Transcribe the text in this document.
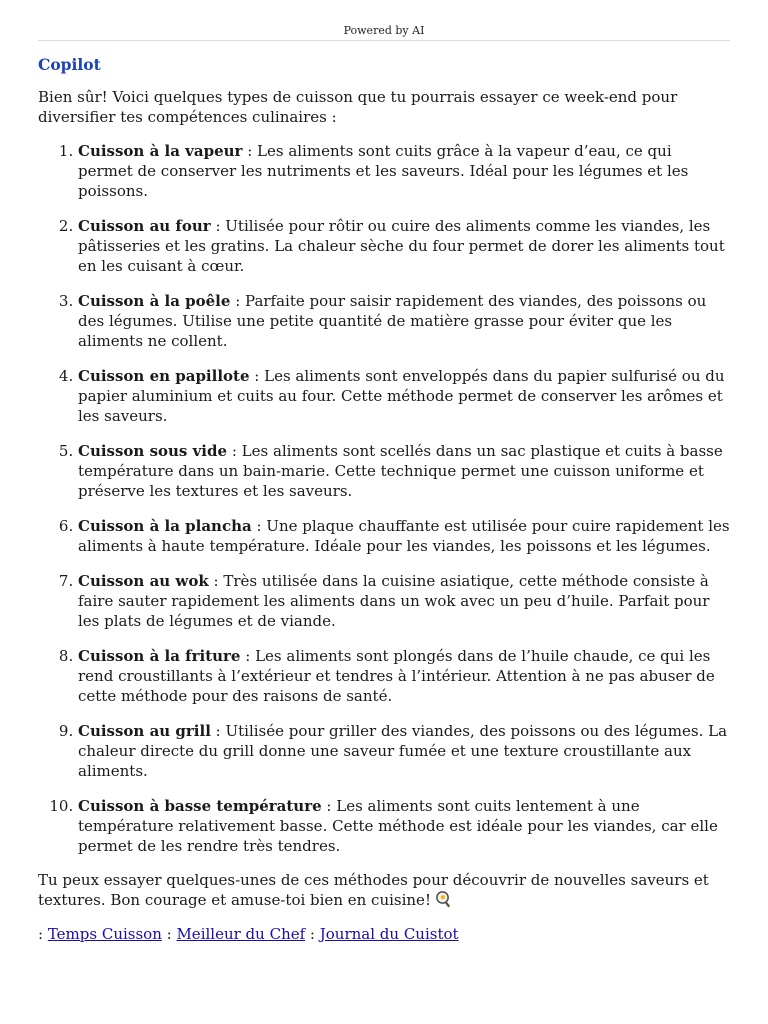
Powered by AI
Copilot

Bien sûr! Voici quelques types de cuisson que tu pourrais essayer ce week-end pour diversifier tes compétences culinaires :

1. Cuisson à la vapeur : Les aliments sont cuits grâce à la vapeur d’eau, ce qui permet de conserver les nutriments et les saveurs. Idéal pour les légumes et les poissons.
2. Cuisson au four : Utilisée pour rôtir ou cuire des aliments comme les viandes, les pâtisseries et les gratins. La chaleur sèche du four permet de dorer les aliments tout en les cuisant à cœur.
3. Cuisson à la poêle : Parfaite pour saisir rapidement des viandes, des poissons ou des légumes. Utilise une petite quantité de matière grasse pour éviter que les aliments ne collent.
4. Cuisson en papillote : Les aliments sont enveloppés dans du papier sulfurisé ou du papier aluminium et cuits au four. Cette méthode permet de conserver les arômes et les saveurs.
5. Cuisson sous vide : Les aliments sont scellés dans un sac plastique et cuits à basse température dans un bain-marie. Cette technique permet une cuisson uniforme et préserve les textures et les saveurs.
6. Cuisson à la plancha : Une plaque chauffante est utilisée pour cuire rapidement les aliments à haute température. Idéale pour les viandes, les poissons et les légumes.
7. Cuisson au wok : Très utilisée dans la cuisine asiatique, cette méthode consiste à faire sauter rapidement les aliments dans un wok avec un peu d’huile. Parfait pour les plats de légumes et de viande.
8. Cuisson à la friture : Les aliments sont plongés dans de l’huile chaude, ce qui les rend croustillants à l’extérieur et tendres à l’intérieur. Attention à ne pas abuser de cette méthode pour des raisons de santé.
9. Cuisson au grill : Utilisée pour griller des viandes, des poissons ou des légumes. La chaleur directe du grill donne une saveur fumée et une texture croustillante aux aliments.
10. Cuisson à basse température : Les aliments sont cuits lentement à une température relativement basse. Cette méthode est idéale pour les viandes, car elle permet de les rendre très tendres.

Tu peux essayer quelques-unes de ces méthodes pour découvrir de nouvelles saveurs et textures. Bon courage et amuse-toi bien en cuisine!

: Temps Cuisson : Meilleur du Chef : Journal du Cuistot
